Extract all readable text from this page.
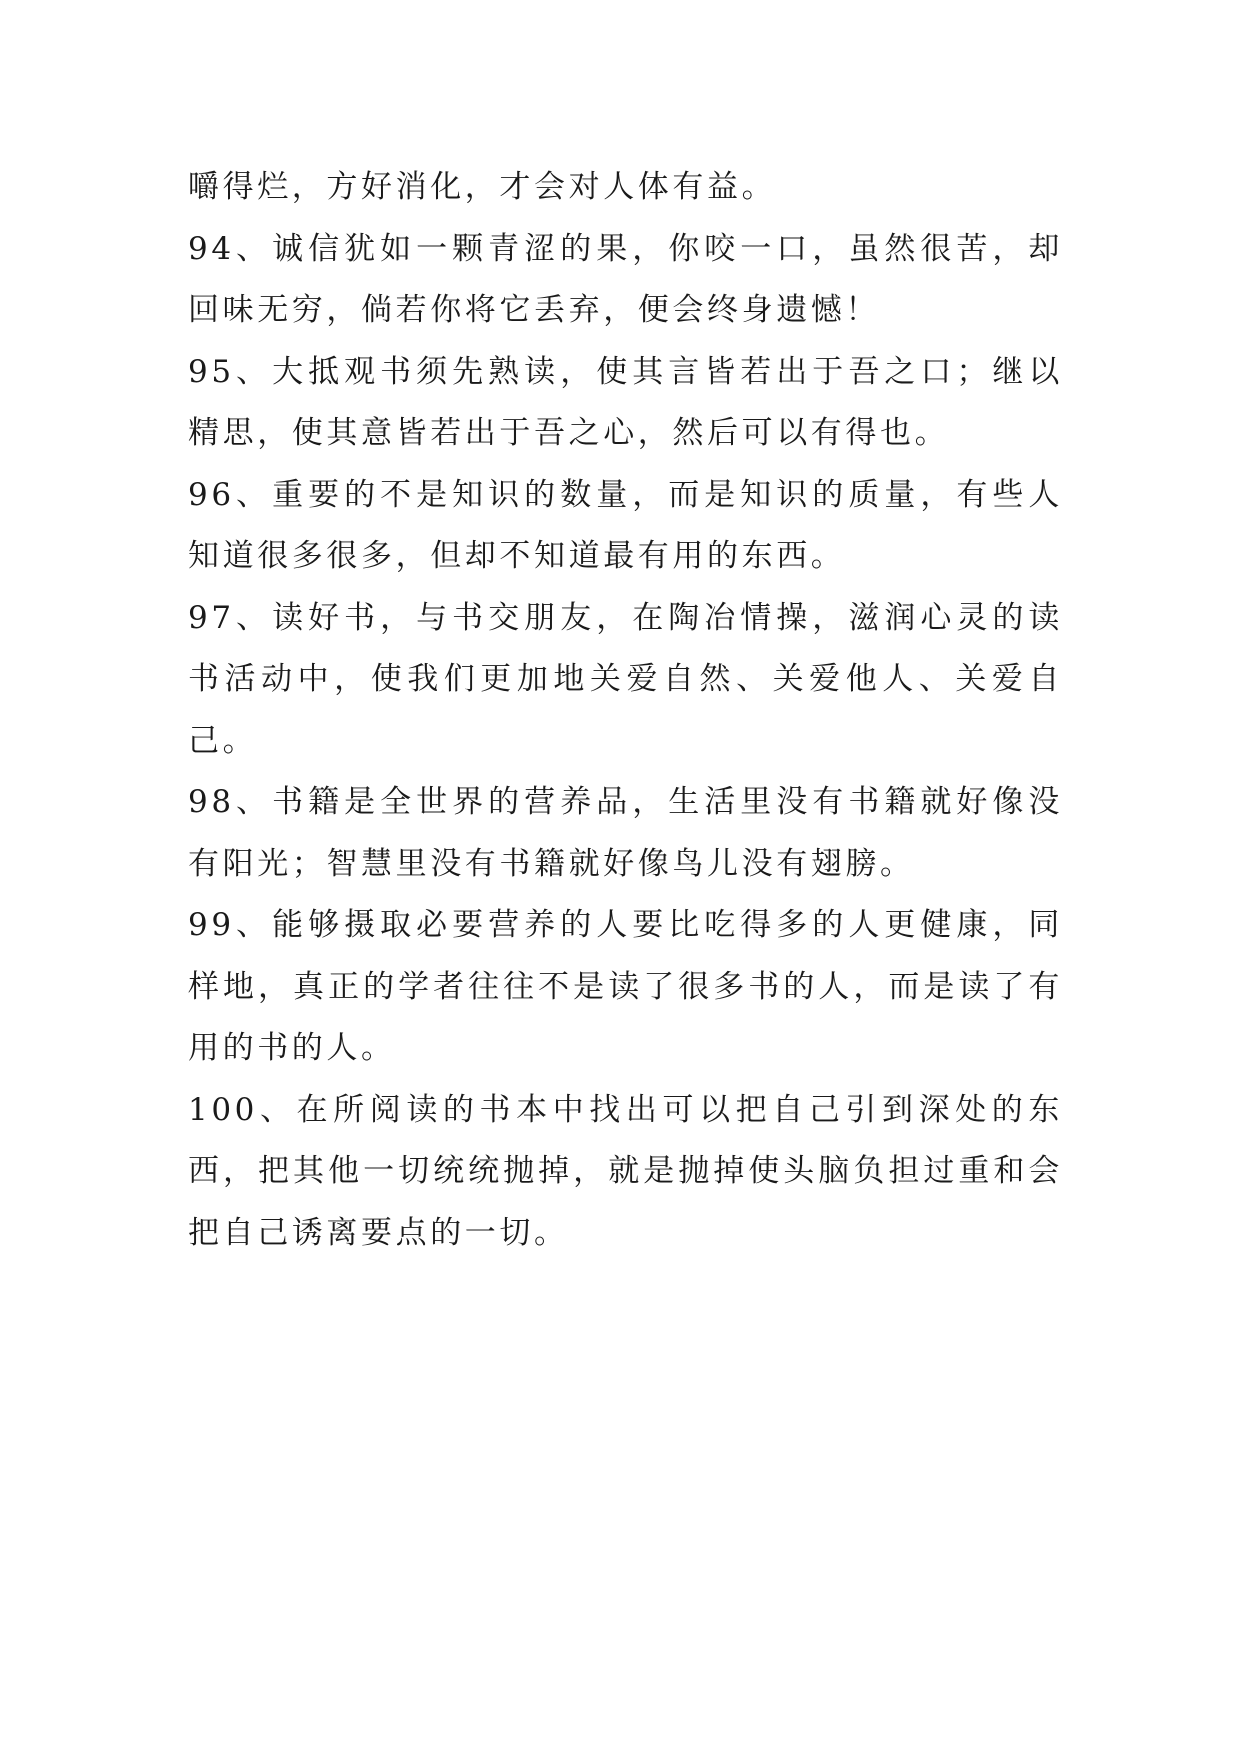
嚼得烂，方好消化，才会对人体有益。

94、诚信犹如一颗青涩的果，你咬一口，虽然很苦，却回味无穷，倘若你将它丢弃，便会终身遗憾！

95、大抵观书须先熟读，使其言皆若出于吾之口；继以精思，使其意皆若出于吾之心，然后可以有得也。

96、重要的不是知识的数量，而是知识的质量，有些人知道很多很多，但却不知道最有用的东西。

97、读好书，与书交朋友，在陶冶情操，滋润心灵的读书活动中，使我们更加地关爱自然、关爱他人、关爱自己。

98、书籍是全世界的营养品，生活里没有书籍就好像没有阳光；智慧里没有书籍就好像鸟儿没有翅膀。

99、能够摄取必要营养的人要比吃得多的人更健康，同样地，真正的学者往往不是读了很多书的人，而是读了有用的书的人。

100、在所阅读的书本中找出可以把自己引到深处的东西，把其他一切统统抛掉，就是抛掉使头脑负担过重和会把自己诱离要点的一切。
